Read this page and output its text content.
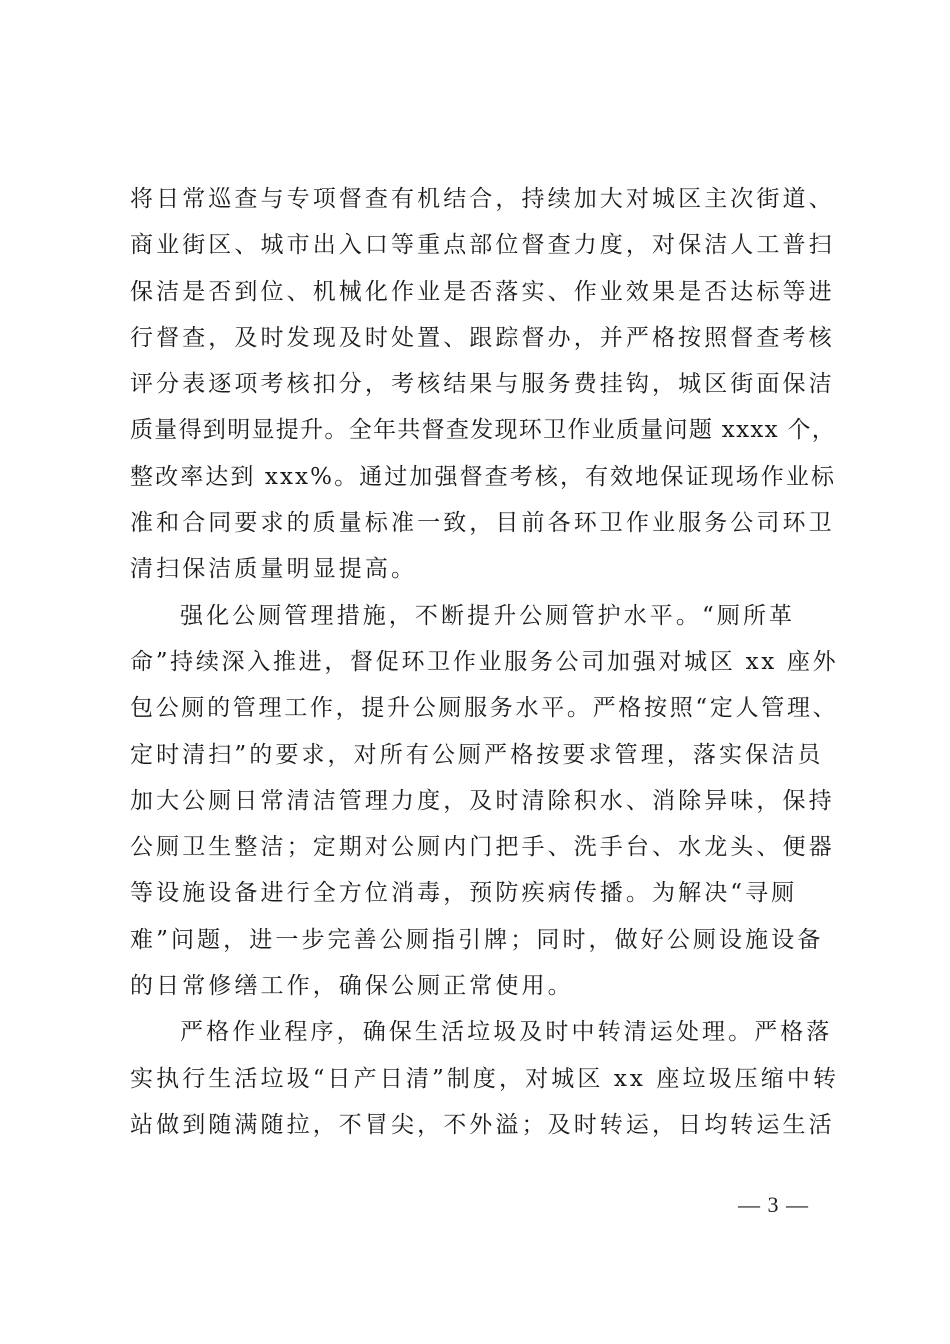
将日常巡查与专项督查有机结合，持续加大对城区主次街道、
商业街区、城市出入口等重点部位督查力度，对保洁人工普扫
保洁是否到位、机械化作业是否落实、作业效果是否达标等进
行督查，及时发现及时处置、跟踪督办，并严格按照督查考核
评分表逐项考核扣分，考核结果与服务费挂钩，城区街面保洁
质量得到明显提升。全年共督查发现环卫作业质量问题 xxxx 个，
整改率达到 xxx%。通过加强督查考核，有效地保证现场作业标
准和合同要求的质量标准一致，目前各环卫作业服务公司环卫
清扫保洁质量明显提高。
强化公厕管理措施，不断提升公厕管护水平。“厕所革
命”持续深入推进，督促环卫作业服务公司加强对城区 xx 座外
包公厕的管理工作，提升公厕服务水平。严格按照“定人管理、
定时清扫”的要求，对所有公厕严格按要求管理，落实保洁员
加大公厕日常清洁管理力度，及时清除积水、消除异味，保持
公厕卫生整洁；定期对公厕内门把手、洗手台、水龙头、便器
等设施设备进行全方位消毒，预防疾病传播。为解决“寻厕
难”问题，进一步完善公厕指引牌；同时，做好公厕设施设备
的日常修缮工作，确保公厕正常使用。
严格作业程序，确保生活垃圾及时中转清运处理。严格落
实执行生活垃圾“日产日清”制度，对城区 xx 座垃圾压缩中转
站做到随满随拉，不冒尖，不外溢；及时转运，日均转运生活
— 3 —
